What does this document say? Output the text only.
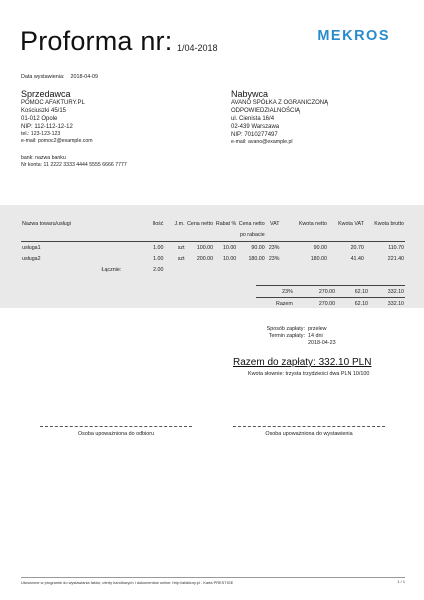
Proforma nr: 1/04-2018
MEKROS
Data wystawienia: 2018-04-09
Sprzedawca
POMOC AFAKTURY.PL
Kościuszki 45/15
01-012 Opole
NIP: 112-112-12-12
tel.: 123-123-123
e-mail: pomoc2@example.com
Nabywca
AVANO SPÓŁKA Z OGRANICZONĄ
ODPOWIEDZIALNOŚCIĄ
ul. Cienista 16/4
02-439 Warszawa
NIP: 7010277497
e-mail: avano@example.pl
bank: nazwa banku
Nr konta: 11 2222 3333 4444 5555 6666 7777
Nazwa towaru/usługi	Ilość	J.m.	Cena netto	Rabat %	Cena netto
po rabacie	VAT	Kwota netto	Kwota VAT	Kwota brutto
usługa1	1.00	szt	100.00	10.00	90.00	23%	90.00	20.70	110.70
usługa2	1.00	szt	200.00	10.00	180.00	23%	180.00	41.40	221.40
Łącznie:	2.00								
23%	270.00	62.10	332.10
Razem	270.00	62.10	332.10
Sposób zapłaty: przelew
Termin zapłaty: 14 dni
2018-04-23
Razem do zapłaty: 332.10 PLN
Kwota słownie: trzysta trzydzieści dwa PLN 10/100
Osoba upoważniona do odbioru	Osoba upoważniona do wystawienia
Utworzone w programie do wystawiania faktur, oferty handlowych i dokumentów online: http://afaktury.pl - Karta PRESTIGE	1 / 1
